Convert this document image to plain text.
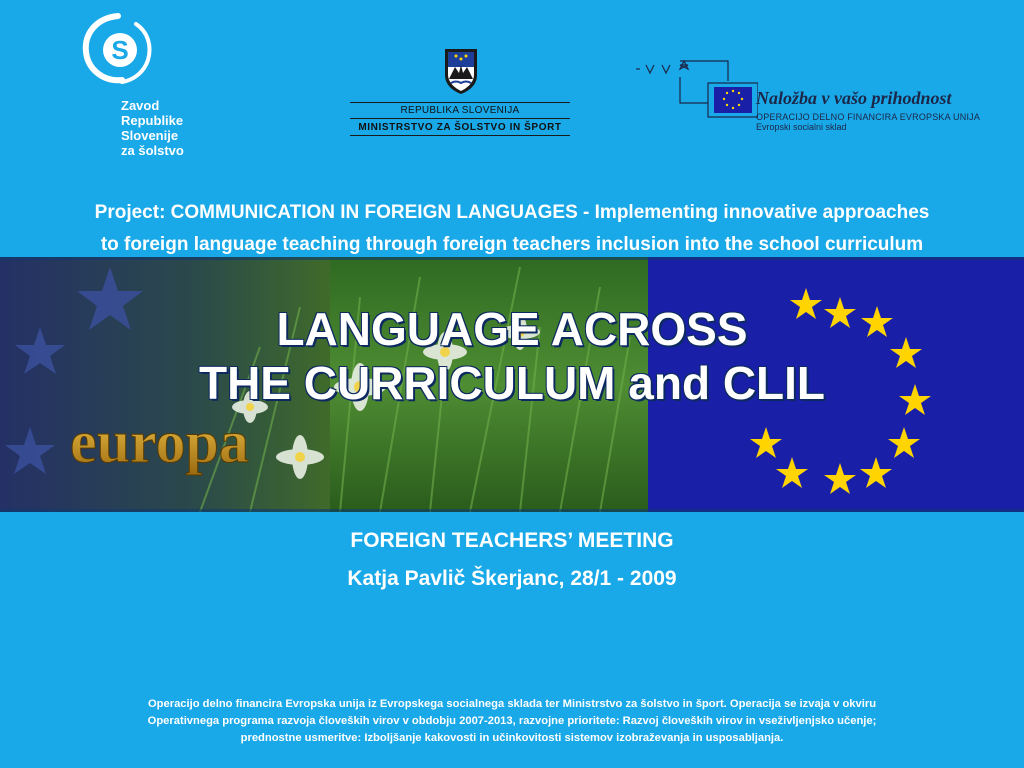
S
Zavod
Republike
Slovenije
za šolstvo
REPUBLIKA SLOVENIJA
MINISTRSTVO ZA ŠOLSTVO IN ŠPORT
Naložba v vašo prihodnost
OPERACIJO DELNO FINANCIRA EVROPSKA UNIJA
Evropski socialni sklad
Project: COMMUNICATION IN FOREIGN LANGUAGES - Implementing innovative approaches
to foreign language teaching through foreign teachers inclusion into the school curriculum
europa
LANGUAGE ACROSS
THE CURRICULUM and CLIL
FOREIGN TEACHERS’ MEETING
Katja Pavlič Škerjanc, 28/1 - 2009
Operacijo delno financira Evropska unija iz Evropskega socialnega sklada ter Ministrstvo za šolstvo in šport. Operacija se izvaja v okviru
Operativnega programa razvoja človeških virov v obdobju 2007-2013, razvojne prioritete: Razvoj človeških virov in vseživljenjsko učenje;
prednostne usmeritve: Izboljšanje kakovosti in učinkovitosti sistemov izobraževanja in usposabljanja.
